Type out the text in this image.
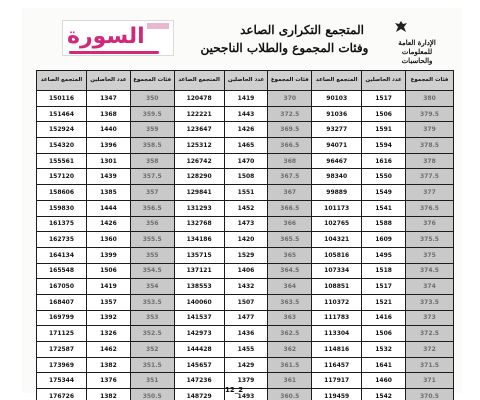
السورة	المتجمع التكرارى الصاعد
وفئات المجموع والطلاب الناجحين	الإدارة العامة للمعلومات
والحاسبات
المتجمع الصاعد	عدد الحاصلين	فئات المجموع	المتجمع الصاعد	عدد الحاصلين	فئات المجموع	المتجمع الصاعد	عدد الحاصلين	فئات المجموع
150116	1347	350	120478	1419	370	90103	1517	380
151464	1368	359.5	122221	1443	372.5	91036	1506	379.5
152924	1440	359	123647	1426	369.5	93277	1591	379
154320	1396	358.5	125312	1465	366.5	94071	1594	378.5
155561	1301	358	126742	1470	368	96467	1616	378
157120	1439	357.5	128290	1508	367.5	98340	1550	377.5
158606	1385	357	129841	1551	367	99889	1549	377
159830	1444	356.5	131293	1452	366.5	101173	1541	376.5
161375	1426	356	132768	1473	366	102765	1588	376
162735	1360	355.5	134186	1420	365.5	104321	1609	375.5
164134	1399	355	135715	1529	365	105816	1495	375
165548	1506	354.5	137121	1406	364.5	107334	1518	374.5
167050	1419	354	138553	1432	364	108851	1517	374
168407	1357	353.5	140060	1507	363.5	110372	1521	373.5
169799	1392	353	141537	1477	363	111783	1416	373
171125	1326	352.5	142973	1436	362.5	113304	1506	372.5
172587	1462	352	144428	1455	362	114816	1532	372
173969	1382	351.5	145657	1429	361.5	116457	1641	371.5
175344	1376	351	147236	1379	361	117917	1460	371
176726	1382	350.5	148729	1493	360.5	119459	1542	370.5
12_2
